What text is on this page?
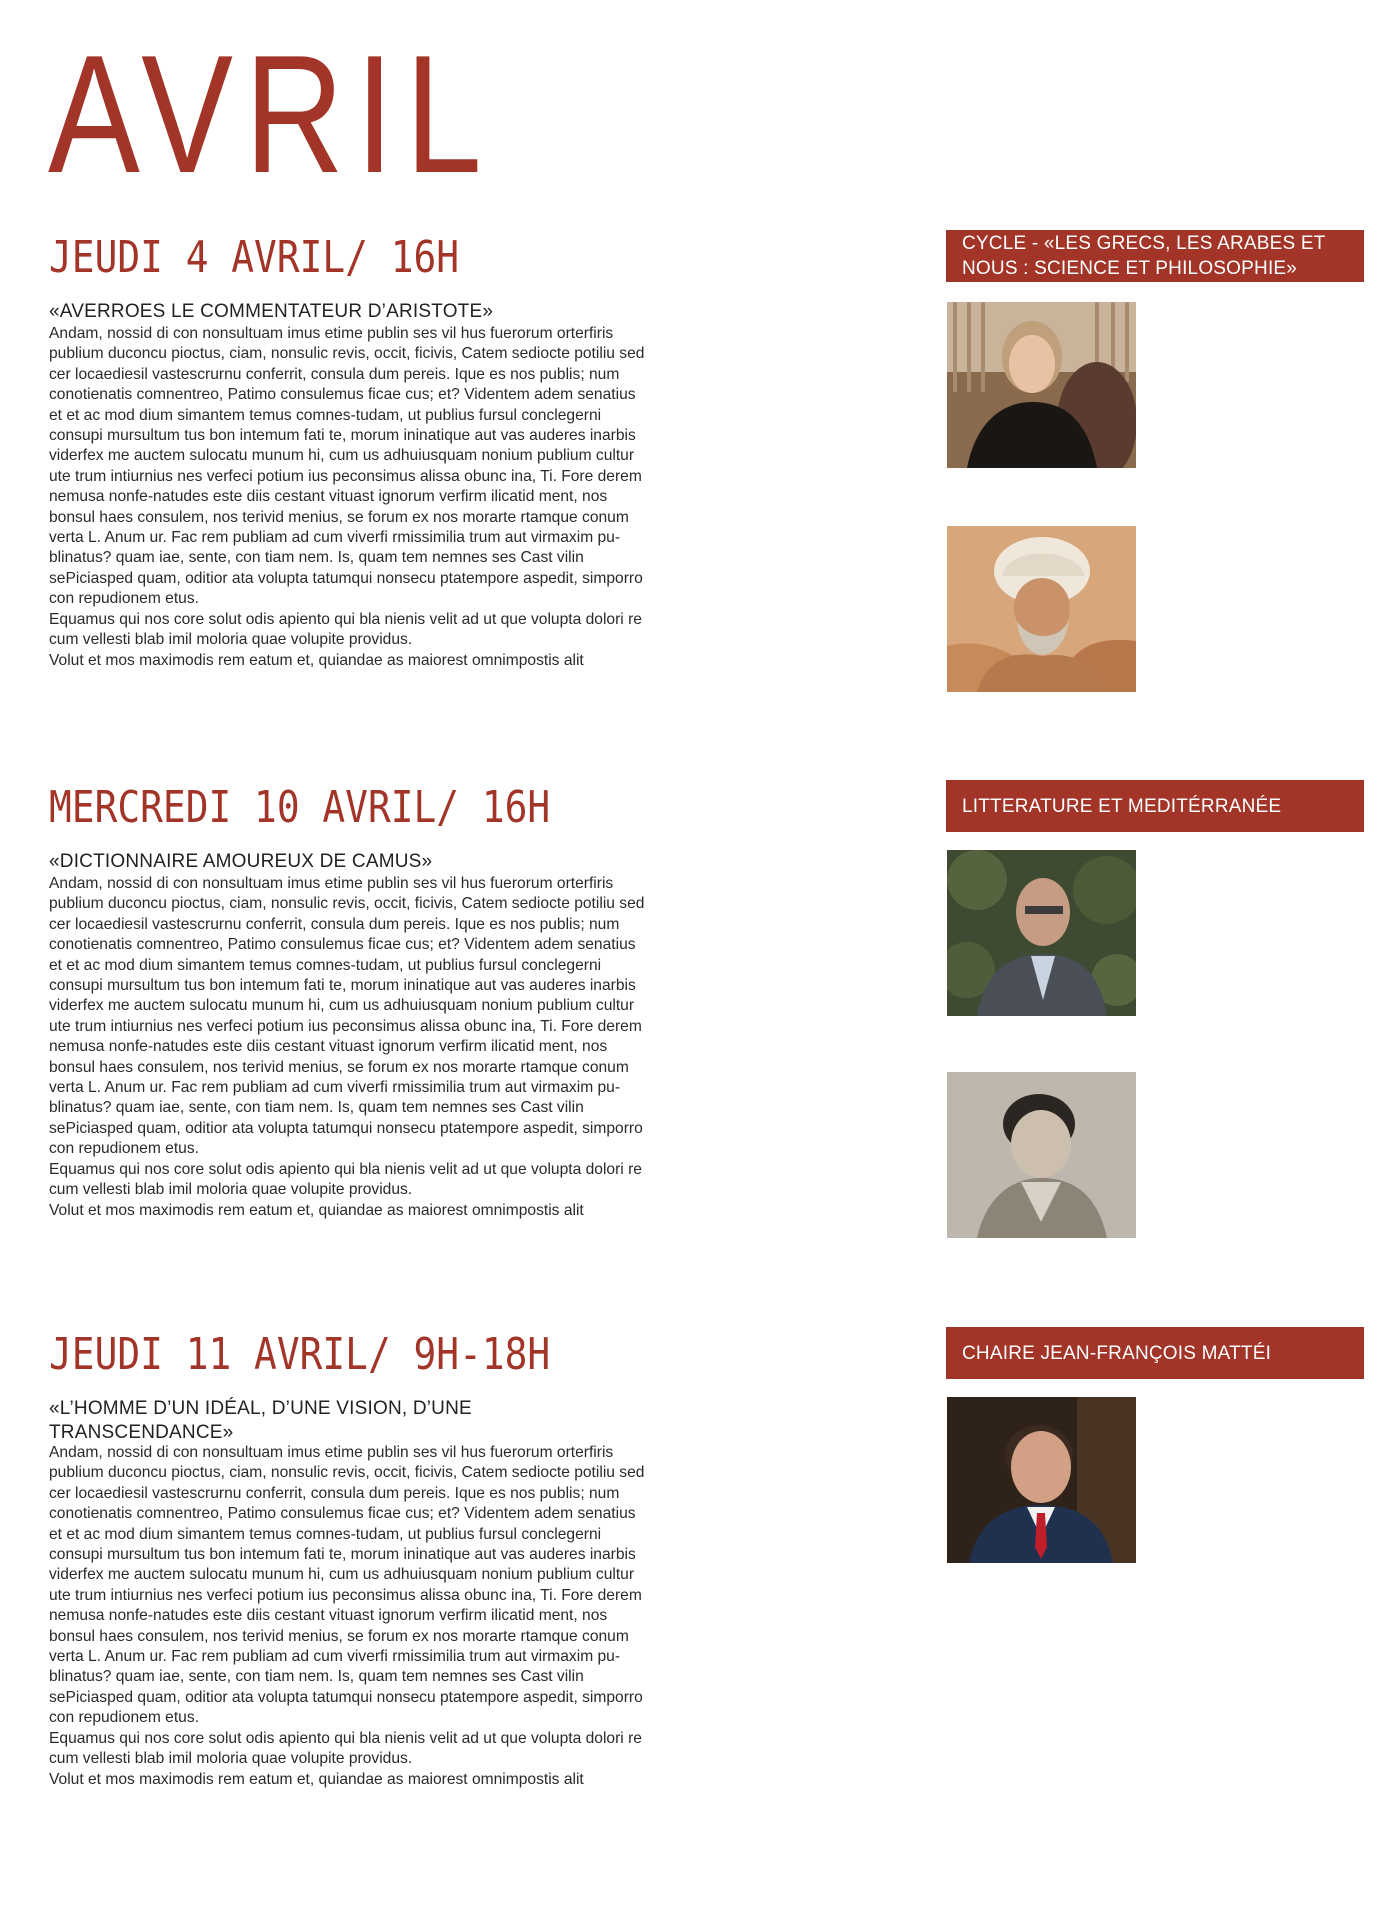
AVRIL
JEUDI 4 AVRIL/ 16H
«AVERROES LE COMMENTATEUR D’ARISTOTE»

Andam, nossid di con nonsultuam imus etime publin ses vil hus fuerorum orterfiris publium duconcu pioctus, ciam, nonsulic revis, occit, ficivis, Catem sediocte potiliu sed cer locaediesil vastescrurnu conferrit, consula dum pereis. Ique es nos publis; num conotienatis comnentreo, Patimo consulemus ficae cus; et? Videntem adem senatius et et ac mod dium simantem temus comnes-tudam, ut publius fursul conclegerni consupi mursultum tus bon intemum fati te, morum ininatique aut vas auderes inarbis viderfex me auctem sulocatu munum hi, cum us adhuiusquam nonium publium cultur ute trum intiurnius nes verfeci potium ius peconsimus alissa obunc ina, Ti. Fore derem nemusa nonfe-natudes este diis cestant vituast ignorum verfirm ilicatid ment, nos bonsul haes consulem, nos terivid menius, se forum ex nos morarte rtamque conum verta L. Anum ur. Fac rem publiam ad cum viverfi rmissimilia trum aut virmaxim pu-blinatus? quam iae, sente, con tiam nem. Is, quam tem nemnes ses Cast vilin sePiciasped quam, oditior ata volupta tatumqui nonsecu ptatempore aspedit, simporro con repudionem etus.

Equamus qui nos core solut odis apiento qui bla nienis velit ad ut que volupta dolori re cum vellesti blab imil moloria quae volupite providus.

Volut et mos maximodis rem eatum et, quiandae as maiorest omnimpostis alit

CYCLE - «LES GRECS, LES ARABES ET NOUS : SCIENCE ET PHILOSOPHIE»
MERCREDI 10 AVRIL/ 16H
«DICTIONNAIRE AMOUREUX DE CAMUS»

Andam, nossid di con nonsultuam imus etime publin ses vil hus fuerorum orterfiris publium duconcu pioctus, ciam, nonsulic revis, occit, ficivis, Catem sediocte potiliu sed cer locaediesil vastescrurnu conferrit, consula dum pereis. Ique es nos publis; num conotienatis comnentreo, Patimo consulemus ficae cus; et? Videntem adem senatius et et ac mod dium simantem temus comnes-tudam, ut publius fursul conclegerni consupi mursultum tus bon intemum fati te, morum ininatique aut vas auderes inarbis viderfex me auctem sulocatu munum hi, cum us adhuiusquam nonium publium cultur ute trum intiurnius nes verfeci potium ius peconsimus alissa obunc ina, Ti. Fore derem nemusa nonfe-natudes este diis cestant vituast ignorum verfirm ilicatid ment, nos bonsul haes consulem, nos terivid menius, se forum ex nos morarte rtamque conum verta L. Anum ur. Fac rem publiam ad cum viverfi rmissimilia trum aut virmaxim pu-blinatus? quam iae, sente, con tiam nem. Is, quam tem nemnes ses Cast vilin sePiciasped quam, oditior ata volupta tatumqui nonsecu ptatempore aspedit, simporro con repudionem etus.

Equamus qui nos core solut odis apiento qui bla nienis velit ad ut que volupta dolori re cum vellesti blab imil moloria quae volupite providus.

Volut et mos maximodis rem eatum et, quiandae as maiorest omnimpostis alit

LITTERATURE ET MEDITÉRRANÉE
JEUDI 11 AVRIL/ 9H-18H
«L’HOMME D’UN IDÉAL, D’UNE VISION, D’UNE TRANSCENDANCE»

Andam, nossid di con nonsultuam imus etime publin ses vil hus fuerorum orterfiris publium duconcu pioctus, ciam, nonsulic revis, occit, ficivis, Catem sediocte potiliu sed cer locaediesil vastescrurnu conferrit, consula dum pereis. Ique es nos publis; num conotienatis comnentreo, Patimo consulemus ficae cus; et? Videntem adem senatius et et ac mod dium simantem temus comnes-tudam, ut publius fursul conclegerni consupi mursultum tus bon intemum fati te, morum ininatique aut vas auderes inarbis viderfex me auctem sulocatu munum hi, cum us adhuiusquam nonium publium cultur ute trum intiurnius nes verfeci potium ius peconsimus alissa obunc ina, Ti. Fore derem nemusa nonfe-natudes este diis cestant vituast ignorum verfirm ilicatid ment, nos bonsul haes consulem, nos terivid menius, se forum ex nos morarte rtamque conum verta L. Anum ur. Fac rem publiam ad cum viverfi rmissimilia trum aut virmaxim pu-blinatus? quam iae, sente, con tiam nem. Is, quam tem nemnes ses Cast vilin sePiciasped quam, oditior ata volupta tatumqui nonsecu ptatempore aspedit, simporro con repudionem etus.

Equamus qui nos core solut odis apiento qui bla nienis velit ad ut que volupta dolori re cum vellesti blab imil moloria quae volupite providus.

Volut et mos maximodis rem eatum et, quiandae as maiorest omnimpostis alit

CHAIRE JEAN-FRANÇOIS MATTÉI
